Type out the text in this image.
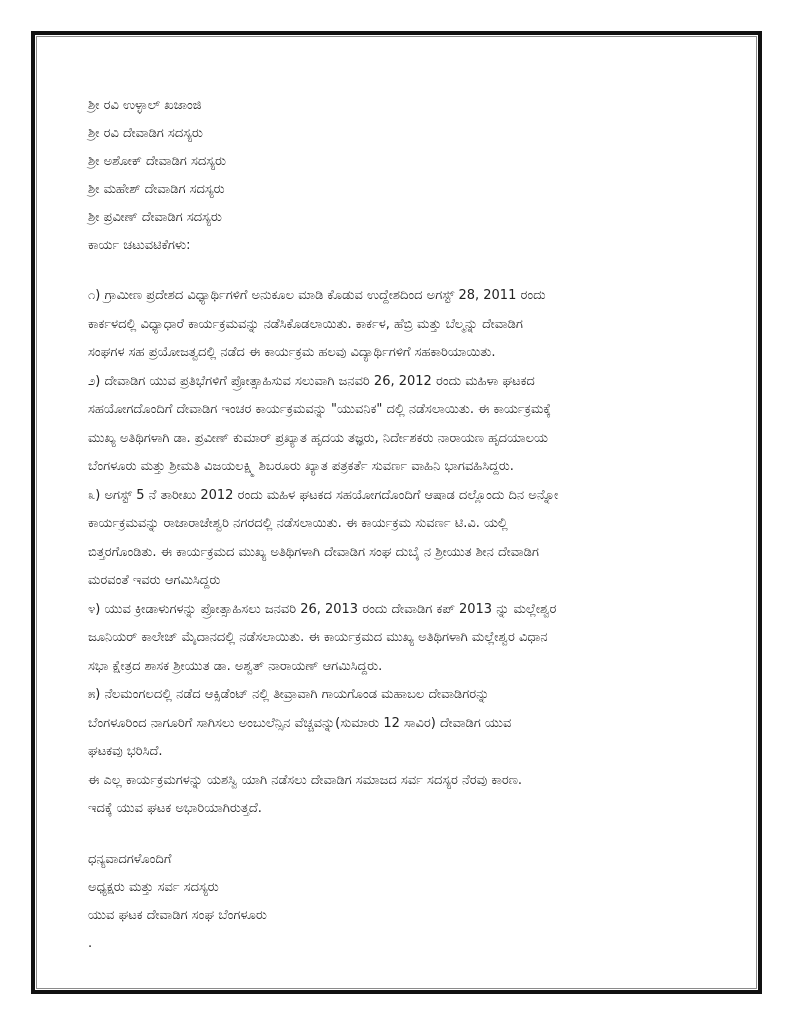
ಶ್ರೀ ರವಿ ಉಳ್ಳಾಲ್ ಖಜಾಂಜಿ
ಶ್ರೀ ರವಿ ದೇವಾಡಿಗ ಸದಸ್ಯರು
ಶ್ರೀ ಅಶೋಕ್ ದೇವಾಡಿಗ ಸದಸ್ಯರು
ಶ್ರೀ ಮಹೇಶ್ ದೇವಾಡಿಗ ಸದಸ್ಯರು
ಶ್ರೀ ಪ್ರವೀಣ್ ದೇವಾಡಿಗ ಸದಸ್ಯರು
ಕಾರ್ಯ ಚಟುವಟಿಕೆಗಳು:
೧) ಗ್ರಾಮೀಣ ಪ್ರದೇಶದ ವಿಧ್ಯಾರ್ಥಿಗಳಿಗೆ ಅನುಕೂಲ ಮಾಡಿ ಕೊಡುವ ಉದ್ದೇಶದಿಂದ ಅಗಸ್ಟ್ 28, 2011 ರಂದು
ಕಾರ್ಕಳದಲ್ಲಿ ವಿಧ್ಯಾಧಾರೆ ಕಾರ್ಯಕ್ರಮವನ್ನು ನಡೆಸಿಕೊಡಲಾಯಿತು. ಕಾರ್ಕಳ, ಹೆಬ್ರಿ ಮತ್ತು ಬೆಲ್ಮನ್ನು ದೇವಾಡಿಗ
ಸಂಘಗಳ ಸಹ ಪ್ರಯೋಜತ್ವದಲ್ಲಿ ನಡೆದ ಈ ಕಾರ್ಯಕ್ರಮ ಹಲವು ವಿದ್ಯಾರ್ಥಿಗಳಿಗೆ ಸಹಕಾರಿಯಾಯಿತು.
೨) ದೇವಾಡಿಗ ಯುವ ಪ್ರತಿಭೆಗಳಿಗೆ ಪ್ರೋತ್ಸಾಹಿಸುವ ಸಲುವಾಗಿ ಜನವರಿ 26, 2012 ರಂದು ಮಹಿಳಾ ಘಟಕದ
ಸಹಯೋಗದೊಂದಿಗೆ ದೇವಾಡಿಗ ಇಂಚರ ಕಾರ್ಯಕ್ರಮವನ್ನು "ಯುವನಿಕ" ದಲ್ಲಿ ನಡೆಸಲಾಯಿತು. ಈ ಕಾರ್ಯಕ್ರಮಕ್ಕೆ
ಮುಖ್ಯ ಅತಿಥಿಗಳಾಗಿ ಡಾ. ಪ್ರವೀಣ್ ಕುಮಾರ್ ಪ್ರಖ್ಯಾತ ಹೃದಯ ತಜ್ಞರು, ನಿರ್ದೇಶಕರು ನಾರಾಯಣ ಹೃದಯಾಲಯ
ಬೆಂಗಳೂರು ಮತ್ತು ಶ್ರೀಮತಿ ವಿಜಯಲಕ್ಷ್ಮಿ ಶಿಬರೂರು ಖ್ಯಾತ ಪತ್ರಕರ್ತೆ ಸುವರ್ಣ ವಾಹಿನಿ ಭಾಗವಹಿಸಿದ್ದರು.
೩) ಅಗಸ್ಟ್ 5 ನೆ ತಾರೀಖು 2012 ರಂದು ಮಹಿಳ ಘಟಕದ ಸಹಯೋಗದೊಂದಿಗೆ ಆಷಾಡ ದಲ್ಲೊಂದು ದಿನ ಅನ್ನೋ
ಕಾರ್ಯಕ್ರಮವನ್ನು ರಾಜಾರಾಜೇಶ್ವರಿ ನಗರದಲ್ಲಿ ನಡೆಸಲಾಯಿತು. ಈ ಕಾರ್ಯಕ್ರಮ ಸುವರ್ಣ ಟಿ.ವಿ. ಯಲ್ಲಿ
ಬಿತ್ತರಗೊಂಡಿತು. ಈ ಕಾರ್ಯಕ್ರಮದ ಮುಖ್ಯ ಅತಿಥಿಗಳಾಗಿ ದೇವಾಡಿಗ ಸಂಘ ದುಬೈ ನ ಶ್ರೀಯುತ ಶೀನ ದೇವಾಡಿಗ
ಮರವಂತೆ ಇವರು ಆಗಮಿಸಿದ್ದರು
೪) ಯುವ ಕ್ರೀಡಾಳುಗಳನ್ನು ಪ್ರೋತ್ಸಾಹಿಸಲು ಜನವರಿ 26, 2013 ರಂದು ದೇವಾಡಿಗ ಕಪ್ 2013 ನ್ನು ಮಲ್ಲೇಶ್ವರ
ಜೂನಿಯರ್ ಕಾಲೇಜ್ ಮೈದಾನದಲ್ಲಿ ನಡೆಸಲಾಯಿತು. ಈ ಕಾರ್ಯಕ್ರಮದ ಮುಖ್ಯ ಅತಿಥಿಗಳಾಗಿ ಮಲ್ಲೇಶ್ವರ ವಿಧಾನ
ಸಭಾ ಕ್ಷೇತ್ರದ ಶಾಸಕ ಶ್ರೀಯುತ ಡಾ. ಅಶ್ವತ್ ನಾರಾಯಣ್ ಆಗಮಿಸಿದ್ದರು.
೫) ನೆಲಮಂಗಲದಲ್ಲಿ ನಡೆದ ಆಕ್ಸಿಡೆಂಟ್ ನಲ್ಲಿ ತೀವ್ರಾವಾಗಿ ಗಾಯಗೊಂಡ ಮಹಾಬಲ ದೇವಾಡಿಗರನ್ನು
ಬೆಂಗಳೂರಿಂದ ನಾಗೂರಿಗೆ ಸಾಗಿಸಲು ಅಂಬುಲೆನ್ಸಿನ ವೆಚ್ಚವನ್ನು(ಸುಮಾರು 12 ಸಾವಿರ) ದೇವಾಡಿಗ ಯುವ
ಘಟಕವು ಭರಿಸಿದೆ.
ಈ ಎಲ್ಲ ಕಾರ್ಯಕ್ರಮಗಳನ್ನು ಯಶಸ್ವಿ ಯಾಗಿ ನಡೆಸಲು ದೇವಾಡಿಗ ಸಮಾಜದ ಸರ್ವ ಸದಸ್ಯರ ನೆರವು ಕಾರಣ.
ಇದಕ್ಕೆ ಯುವ ಘಟಕ ಅಭಾರಿಯಾಗಿರುತ್ತದೆ.
ಧನ್ಯವಾದಗಳೊಂದಿಗೆ
ಅಧ್ಯಕ್ಷರು ಮತ್ತು ಸರ್ವ ಸದಸ್ಯರು
ಯುವ ಘಟಕ ದೇವಾಡಿಗ ಸಂಘ ಬೆಂಗಳೂರು
.
